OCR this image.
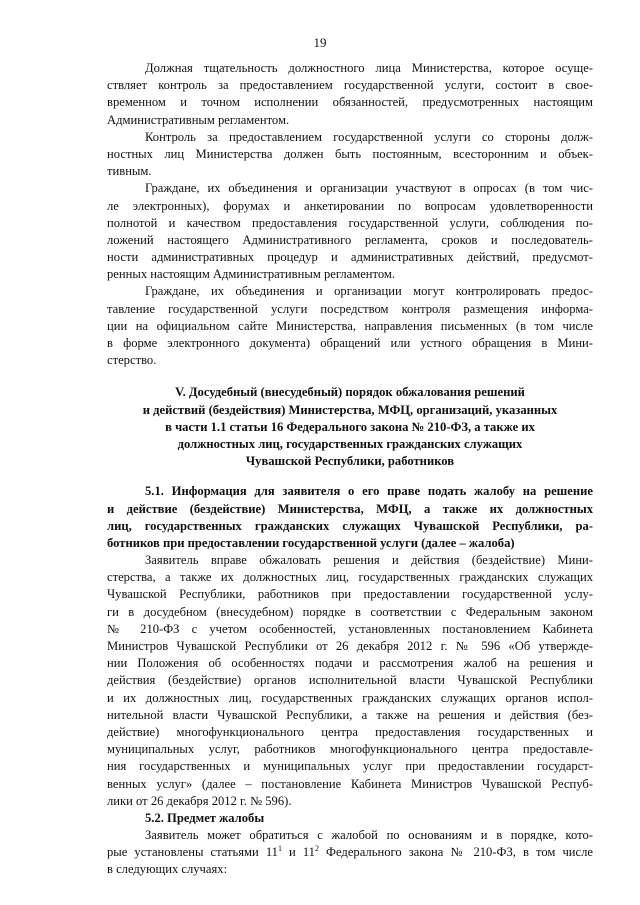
19
Должная тщательность должностного лица Министерства, которое осуще-
ствляет контроль за предоставлением государственной услуги, состоит в свое-
временном и точном исполнении обязанностей, предусмотренных настоящим
Административным регламентом.
Контроль за предоставлением государственной услуги со стороны долж-
ностных лиц Министерства должен быть постоянным, всесторонним и объек-
тивным.
Граждане, их объединения и организации участвуют в опросах (в том чис-
ле электронных), форумах и анкетировании по вопросам удовлетворенности
полнотой и качеством предоставления государственной услуги, соблюдения по-
ложений настоящего Административного регламента, сроков и последователь-
ности административных процедур и административных действий, предусмот-
ренных настоящим Административным регламентом.
Граждане, их объединения и организации могут контролировать предос-
тавление государственной услуги посредством контроля размещения информа-
ции на официальном сайте Министерства, направления письменных (в том числе
в форме электронного документа) обращений или устного обращения в Мини-
стерство.
V. Досудебный (внесудебный) порядок обжалования решений
и действий (бездействия) Министерства, МФЦ, организаций, указанных
в части 1.1 статьи 16 Федерального закона № 210-ФЗ, а также их
должностных лиц, государственных гражданских служащих
Чувашской Республики, работников
5.1. Информация для заявителя о его праве подать жалобу на решение
и действие (бездействие) Министерства, МФЦ, а также их должностных
лиц, государственных гражданских служащих Чувашской Республики, ра-
ботников при предоставлении государственной услуги (далее – жалоба)
Заявитель вправе обжаловать решения и действия (бездействие) Мини-
стерства, а также их должностных лиц, государственных гражданских служащих
Чувашской Республики, работников при предоставлении государственной услу-
ги в досудебном (внесудебном) порядке в соответствии с Федеральным законом
№ 210-ФЗ с учетом особенностей, установленных постановлением Кабинета
Министров Чувашской Республики от 26 декабря 2012 г. № 596 «Об утвержде-
нии Положения об особенностях подачи и рассмотрения жалоб на решения и
действия (бездействие) органов исполнительной власти Чувашской Республики
и их должностных лиц, государственных гражданских служащих органов испол-
нительной власти Чувашской Республики, а также на решения и действия (без-
действие) многофункционального центра предоставления государственных и
муниципальных услуг, работников многофункционального центра предоставле-
ния государственных и муниципальных услуг при предоставлении государст-
венных услуг» (далее – постановление Кабинета Министров Чувашской Респуб-
лики от 26 декабря 2012 г. № 596).
5.2. Предмет жалобы
Заявитель может обратиться с жалобой по основаниям и в порядке, кото-
рые установлены статьями $11^1$ и $11^2$ Федерального закона № 210-ФЗ, в том числе
в следующих случаях:
